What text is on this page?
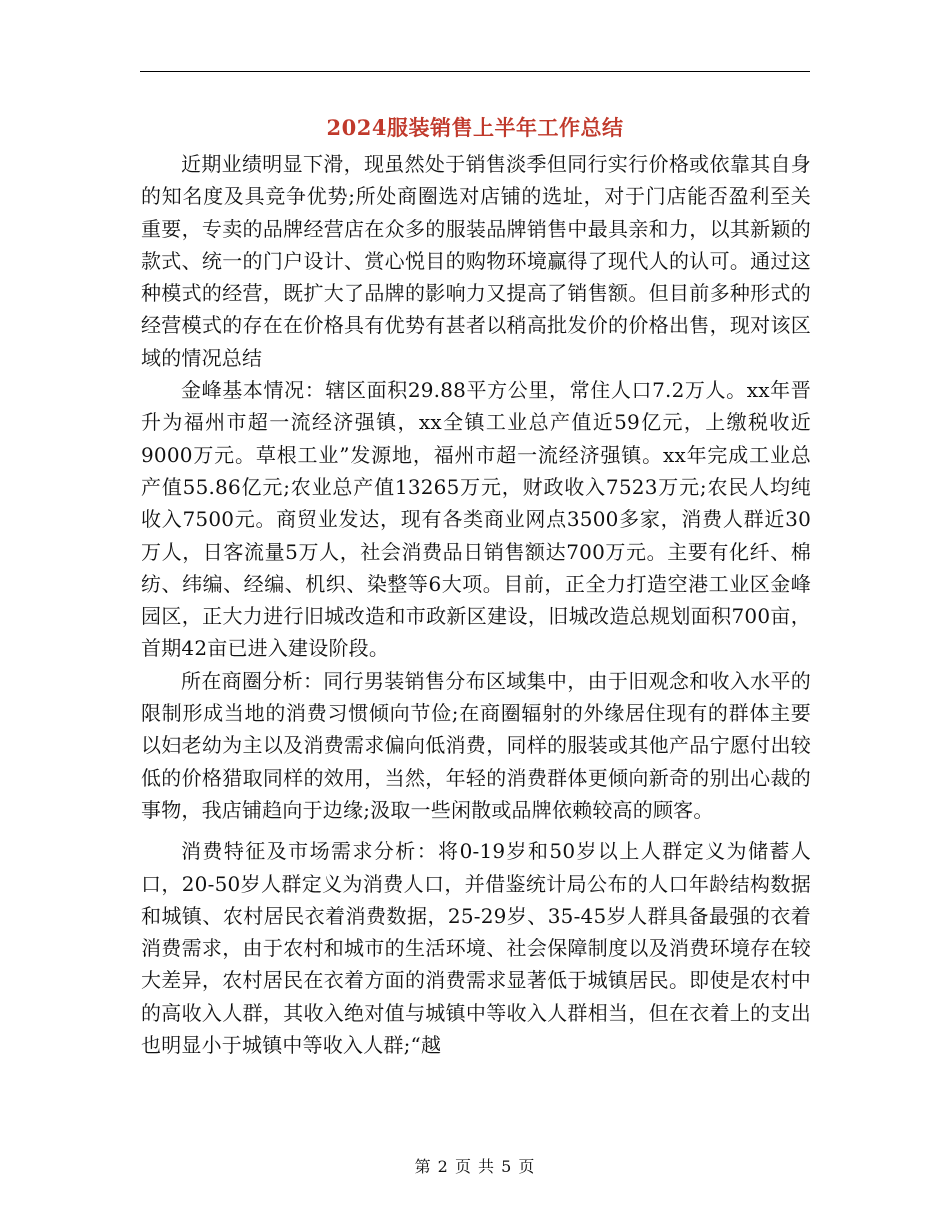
2024服装销售上半年工作总结

近期业绩明显下滑，现虽然处于销售淡季但同行实行价格或依靠其自身的知名度及具竞争优势;所处商圈选对店铺的选址，对于门店能否盈利至关重要，专卖的品牌经营店在众多的服装品牌销售中最具亲和力，以其新颖的款式、统一的门户设计、赏心悦目的购物环境赢得了现代人的认可。通过这种模式的经营，既扩大了品牌的影响力又提高了销售额。但目前多种形式的经营模式的存在在价格具有优势有甚者以稍高批发价的价格出售，现对该区域的情况总结

金峰基本情况：辖区面积29.88平方公里，常住人口7.2万人。xx年晋升为福州市超一流经济强镇，xx全镇工业总产值近59亿元，上缴税收近9000万元。草根工业”发源地，福州市超一流经济强镇。xx年完成工业总产值55.86亿元;农业总产值13265万元，财政收入7523万元;农民人均纯收入7500元。商贸业发达，现有各类商业网点3500多家，消费人群近30万人，日客流量5万人，社会消费品日销售额达700万元。主要有化纤、棉纺、纬编、经编、机织、染整等6大项。目前，正全力打造空港工业区金峰园区，正大力进行旧城改造和市政新区建设，旧城改造总规划面积700亩，首期42亩已进入建设阶段。

所在商圈分析：同行男装销售分布区域集中，由于旧观念和收入水平的限制形成当地的消费习惯倾向节俭;在商圈辐射的外缘居住现有的群体主要以妇老幼为主以及消费需求偏向低消费，同样的服装或其他产品宁愿付出较低的价格猎取同样的效用，当然，年轻的消费群体更倾向新奇的别出心裁的事物，我店铺趋向于边缘;汲取一些闲散或品牌依赖较高的顾客。

消费特征及市场需求分析：将0-19岁和50岁以上人群定义为储蓄人口，20-50岁人群定义为消费人口，并借鉴统计局公布的人口年龄结构数据和城镇、农村居民衣着消费数据，25-29岁、35-45岁人群具备最强的衣着消费需求，由于农村和城市的生活环境、社会保障制度以及消费环境存在较大差异，农村居民在衣着方面的消费需求显著低于城镇居民。即使是农村中的高收入人群，其收入绝对值与城镇中等收入人群相当，但在衣着上的支出也明显小于城镇中等收入人群;“越

第 2 页 共 5 页
